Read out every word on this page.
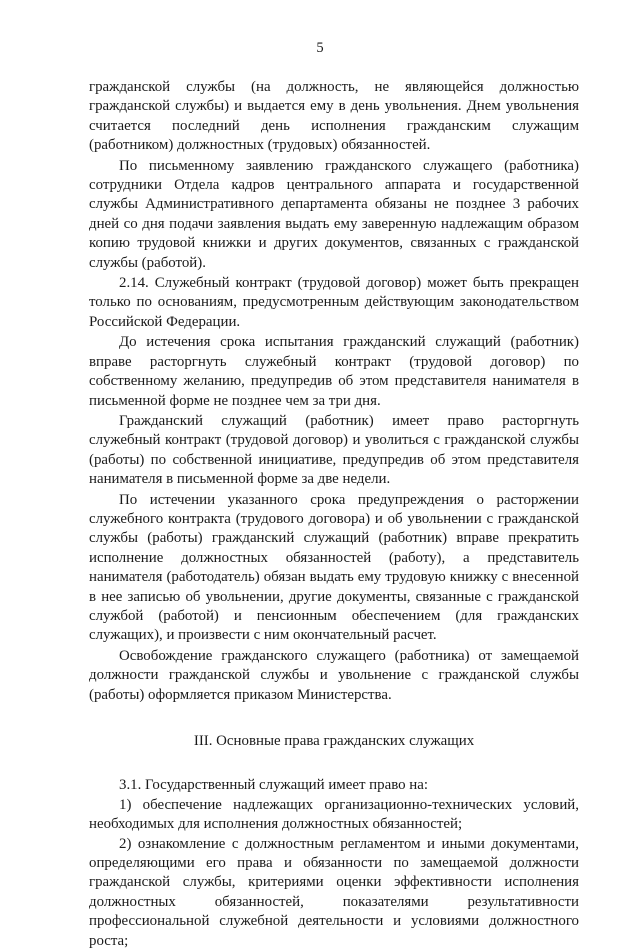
5

гражданской службы (на должность, не являющейся должностью гражданской службы) и выдается ему в день увольнения. Днем увольнения считается последний день исполнения гражданским служащим (работником) должностных (трудовых) обязанностей.

По письменному заявлению гражданского служащего (работника) сотрудники Отдела кадров центрального аппарата и государственной службы Административного департамента обязаны не позднее 3 рабочих дней со дня подачи заявления выдать ему заверенную надлежащим образом копию трудовой книжки и других документов, связанных с гражданской службы (работой).

2.14. Служебный контракт (трудовой договор) может быть прекращен только по основаниям, предусмотренным действующим законодательством Российской Федерации.

До истечения срока испытания гражданский служащий (работник) вправе расторгнуть служебный контракт (трудовой договор) по собственному желанию, предупредив об этом представителя нанимателя в письменной форме не позднее чем за три дня.

Гражданский служащий (работник) имеет право расторгнуть служебный контракт (трудовой договор) и уволиться с гражданской службы (работы) по собственной инициативе, предупредив об этом представителя нанимателя в письменной форме за две недели.

По истечении указанного срока предупреждения о расторжении служебного контракта (трудового договора) и об увольнении с гражданской службы (работы) гражданский служащий (работник) вправе прекратить исполнение должностных обязанностей (работу), а представитель нанимателя (работодатель) обязан выдать ему трудовую книжку с внесенной в нее записью об увольнении, другие документы, связанные с гражданской службой (работой) и пенсионным обеспечением (для гражданских служащих), и произвести с ним окончательный расчет.

Освобождение гражданского служащего (работника) от замещаемой должности гражданской службы и увольнение с гражданской службы (работы) оформляется приказом Министерства.

III. Основные права гражданских служащих

3.1. Государственный служащий имеет право на:

1) обеспечение надлежащих организационно-технических условий, необходимых для исполнения должностных обязанностей;

2) ознакомление с должностным регламентом и иными документами, определяющими его права и обязанности по замещаемой должности гражданской службы, критериями оценки эффективности исполнения должностных обязанностей, показателями результативности профессиональной служебной деятельности и условиями должностного роста;
